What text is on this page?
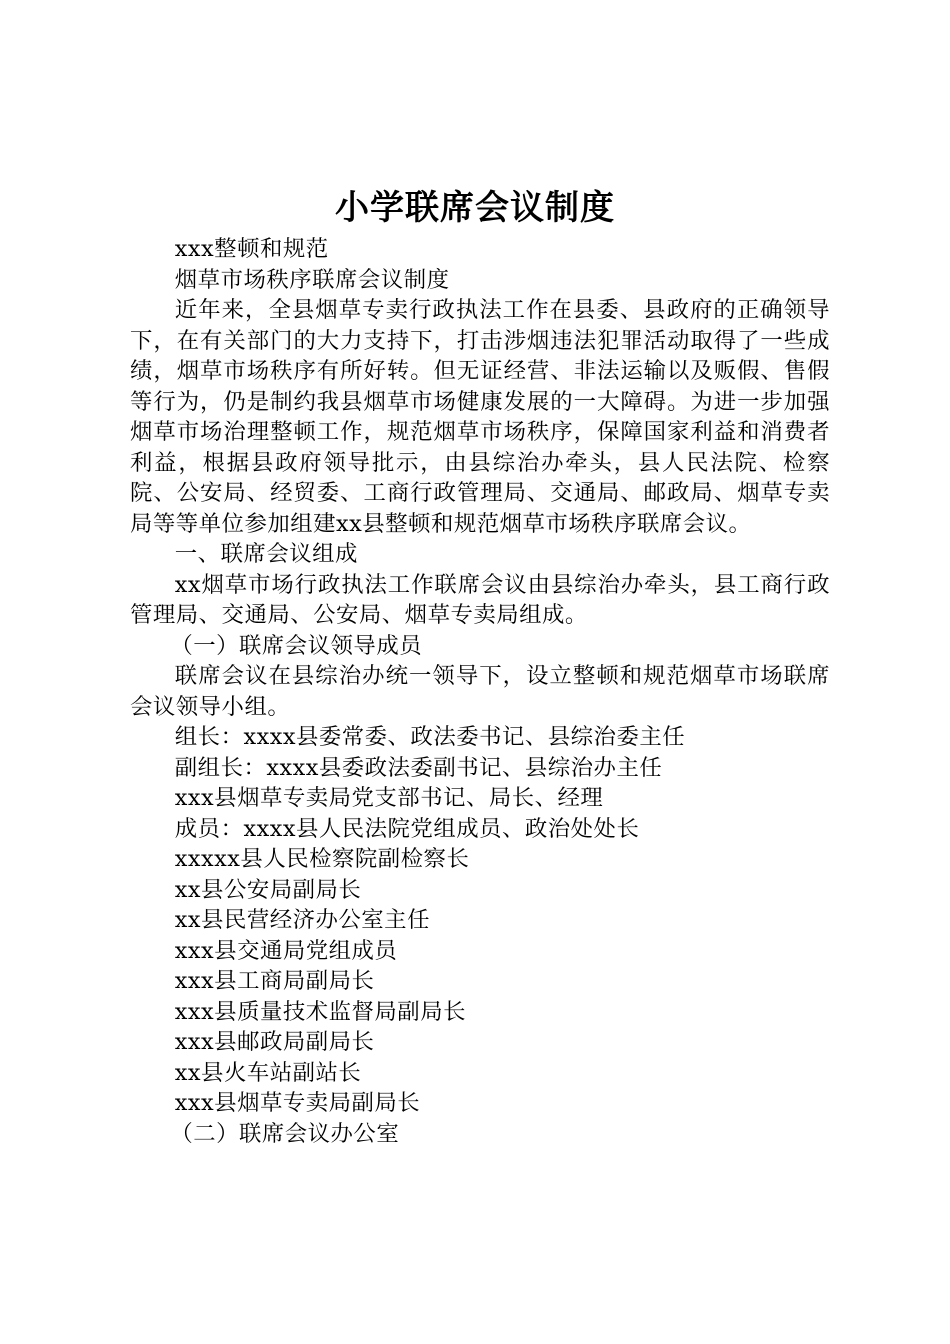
小学联席会议制度

xxx整顿和规范

烟草市场秩序联席会议制度

近年来，全县烟草专卖行政执法工作在县委、县政府的正确领导下，在有关部门的大力支持下，打击涉烟违法犯罪活动取得了一些成绩，烟草市场秩序有所好转。但无证经营、非法运输以及贩假、售假等行为，仍是制约我县烟草市场健康发展的一大障碍。为进一步加强烟草市场治理整顿工作，规范烟草市场秩序，保障国家利益和消费者利益，根据县政府领导批示，由县综治办牵头，县人民法院、检察院、公安局、经贸委、工商行政管理局、交通局、邮政局、烟草专卖局等等单位参加组建xx县整顿和规范烟草市场秩序联席会议。

一、联席会议组成

xx烟草市场行政执法工作联席会议由县综治办牵头，县工商行政管理局、交通局、公安局、烟草专卖局组成。

（一）联席会议领导成员

联席会议在县综治办统一领导下，设立整顿和规范烟草市场联席会议领导小组。

组长：xxxx县委常委、政法委书记、县综治委主任

副组长：xxxx县委政法委副书记、县综治办主任

xxx县烟草专卖局党支部书记、局长、经理

成员：xxxx县人民法院党组成员、政治处处长

xxxxx县人民检察院副检察长

xx县公安局副局长

xx县民营经济办公室主任

xxx县交通局党组成员

xxx县工商局副局长

xxx县质量技术监督局副局长

xxx县邮政局副局长

xx县火车站副站长

xxx县烟草专卖局副局长

（二）联席会议办公室
